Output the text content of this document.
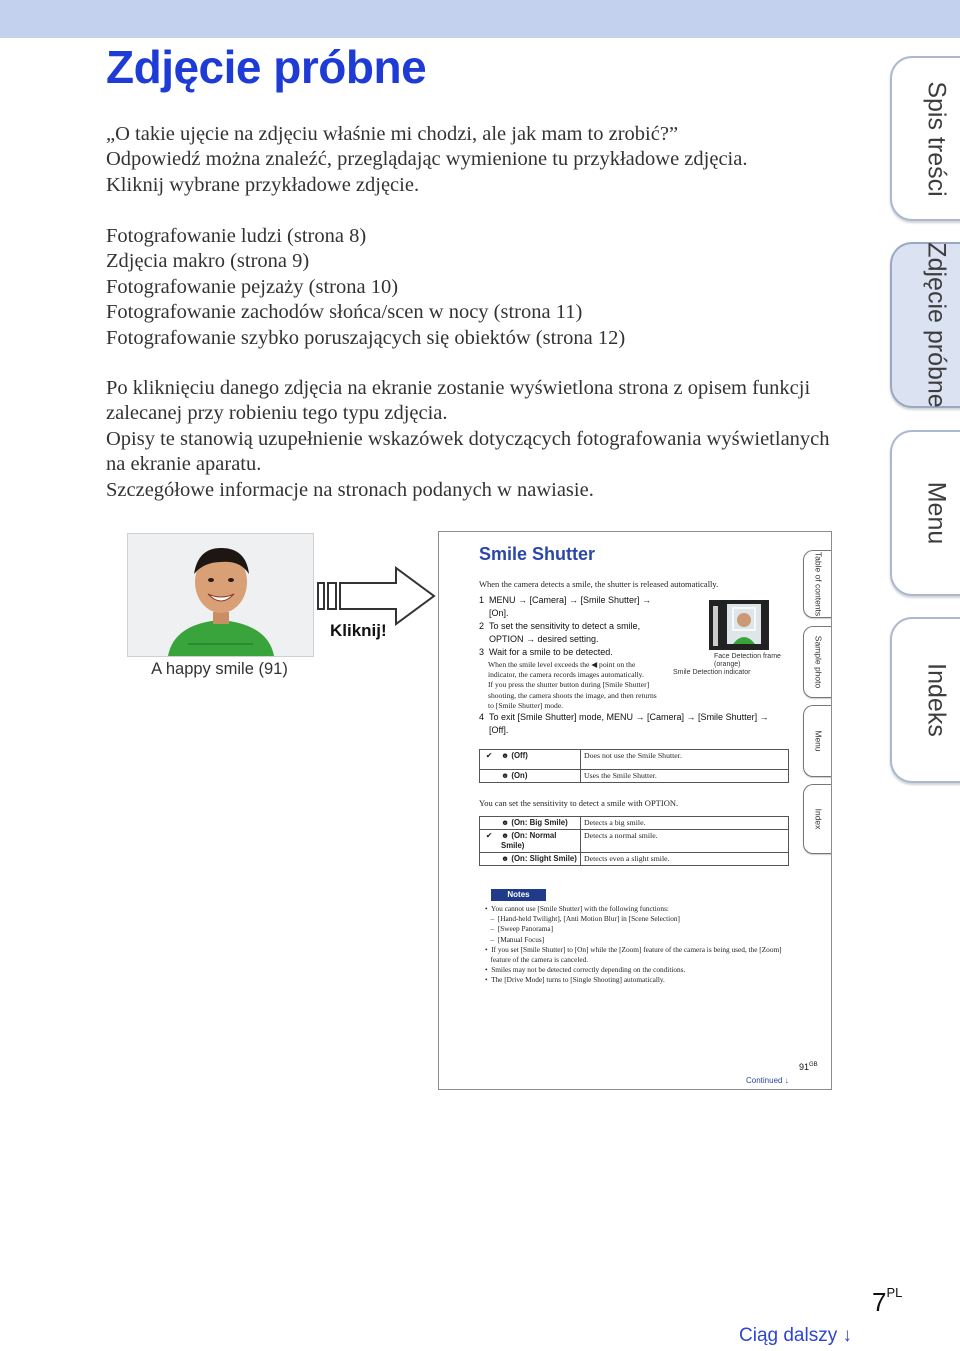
Zdjęcie próbne
„O takie ujęcie na zdjęciu właśnie mi chodzi, ale jak mam to zrobić?”
Odpowiedź można znaleźć, przeglądając wymienione tu przykładowe zdjęcia.
Kliknij wybrane przykładowe zdjęcie.
Fotografowanie ludzi (strona 8)
Zdjęcia makro (strona 9)
Fotografowanie pejzaży (strona 10)
Fotografowanie zachodów słońca/scen w nocy (strona 11)
Fotografowanie szybko poruszających się obiektów (strona 12)
Po kliknięciu danego zdjęcia na ekranie zostanie wyświetlona strona z opisem funkcji zalecanej przy robieniu tego typu zdjęcia.
Opisy te stanowią uzupełnienie wskazówek dotyczących fotografowania wyświetlanych na ekranie aparatu.
Szczegółowe informacje na stronach podanych w nawiasie.
Spis treści
Zdjęcie próbne
Menu
Indeks
A happy smile (91)
Kliknij!
Smile Shutter
When the camera detects a smile, the shutter is released automatically.
1 MENU → [Camera] → [Smile Shutter] →
[On].
2 To set the sensitivity to detect a smile,
OPTION → desired setting.
3 Wait for a smile to be detected.
When the smile level exceeds the ◀ point on the
indicator, the camera records images automatically.
If you press the shutter button during [Smile Shutter]
shooting, the camera shoots the image, and then returns
to [Smile Shutter] mode.
4 To exit [Smile Shutter] mode, MENU → [Camera] → [Smile Shutter] →
[Off].
Face Detection frame
(orange)
Smile Detection indicator
✔	☻ (Off)	Does not use the Smile Shutter.
	☻ (On)	Uses the Smile Shutter.
You can set the sensitivity to detect a smile with OPTION.
	☻ (On: Big Smile)	Detects a big smile.
✔	☻ (On: Normal Smile)	Detects a normal smile.
	☻ (On: Slight Smile)	Detects even a slight smile.
Notes
•  You cannot use [Smile Shutter] with the following functions:
–  [Hand-held Twilight], [Anti Motion Blur] in [Scene Selection]
–  [Sweep Panorama]
–  [Manual Focus]
•  If you set [Smile Shutter] to [On] while the [Zoom] feature of the camera is being used, the [Zoom]
feature of the camera is canceled.
•  Smiles may not be detected correctly depending on the conditions.
•  The [Drive Mode] turns to [Single Shooting] automatically.
Table of contents
Sample photo
Menu
Index
$91^{GB}$
Continued ↓
$7^{PL}$
Ciąg dalszy ↓
